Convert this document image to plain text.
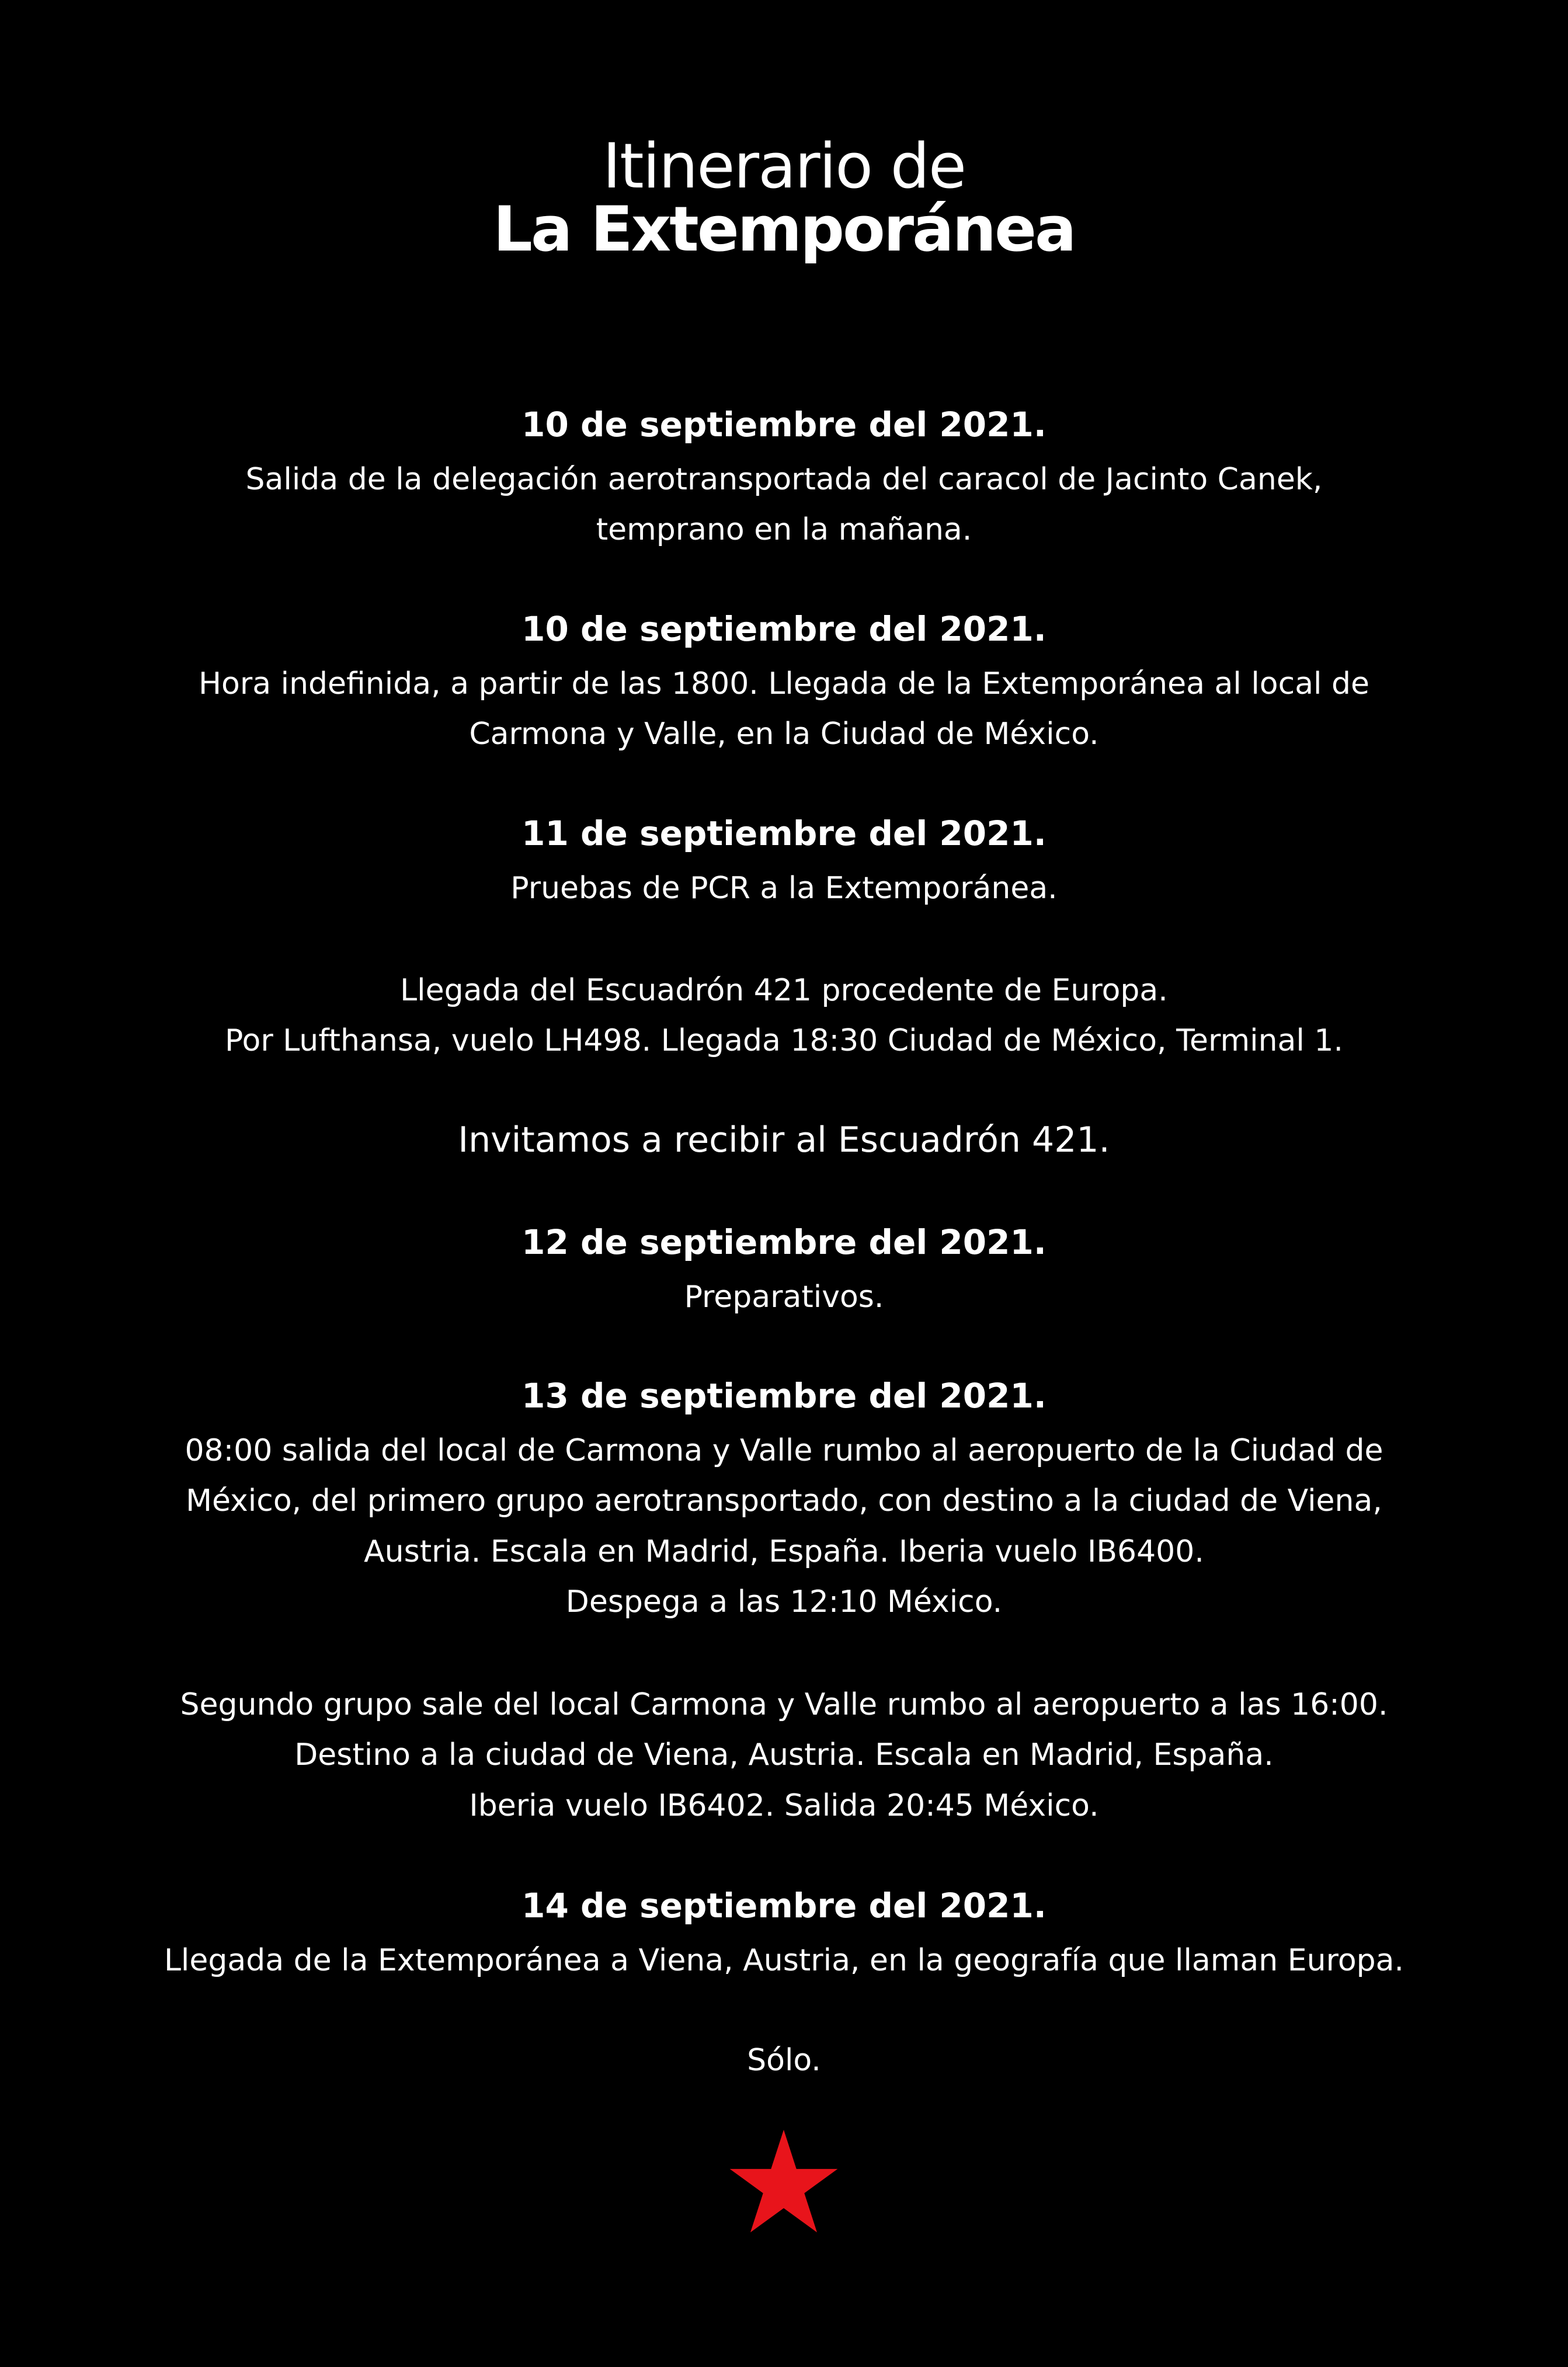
Itinerario de
La Extemporánea
10 de septiembre del 2021.
Salida de la delegación aerotransportada del caracol de Jacinto Canek,
temprano en la mañana.
10 de septiembre del 2021.
Hora indefinida, a partir de las 1800. Llegada de la Extemporánea al local de
Carmona y Valle, en la Ciudad de México.
11 de septiembre del 2021.
Pruebas de PCR a la Extemporánea.
Llegada del Escuadrón 421 procedente de Europa.
Por Lufthansa, vuelo LH498. Llegada 18:30 Ciudad de México, Terminal 1.
Invitamos a recibir al Escuadrón 421.
12 de septiembre del 2021.
Preparativos.
13 de septiembre del 2021.
08:00 salida del local de Carmona y Valle rumbo al aeropuerto de la Ciudad de
México, del primero grupo aerotransportado, con destino a la ciudad de Viena,
Austria. Escala en Madrid, España. Iberia vuelo IB6400.
Despega a las 12:10 México.
Segundo grupo sale del local Carmona y Valle rumbo al aeropuerto a las 16:00.
Destino a la ciudad de Viena, Austria. Escala en Madrid, España.
Iberia vuelo IB6402. Salida 20:45 México.
14 de septiembre del 2021.
Llegada de la Extemporánea a Viena, Austria, en la geografía que llaman Europa.
Sólo.
